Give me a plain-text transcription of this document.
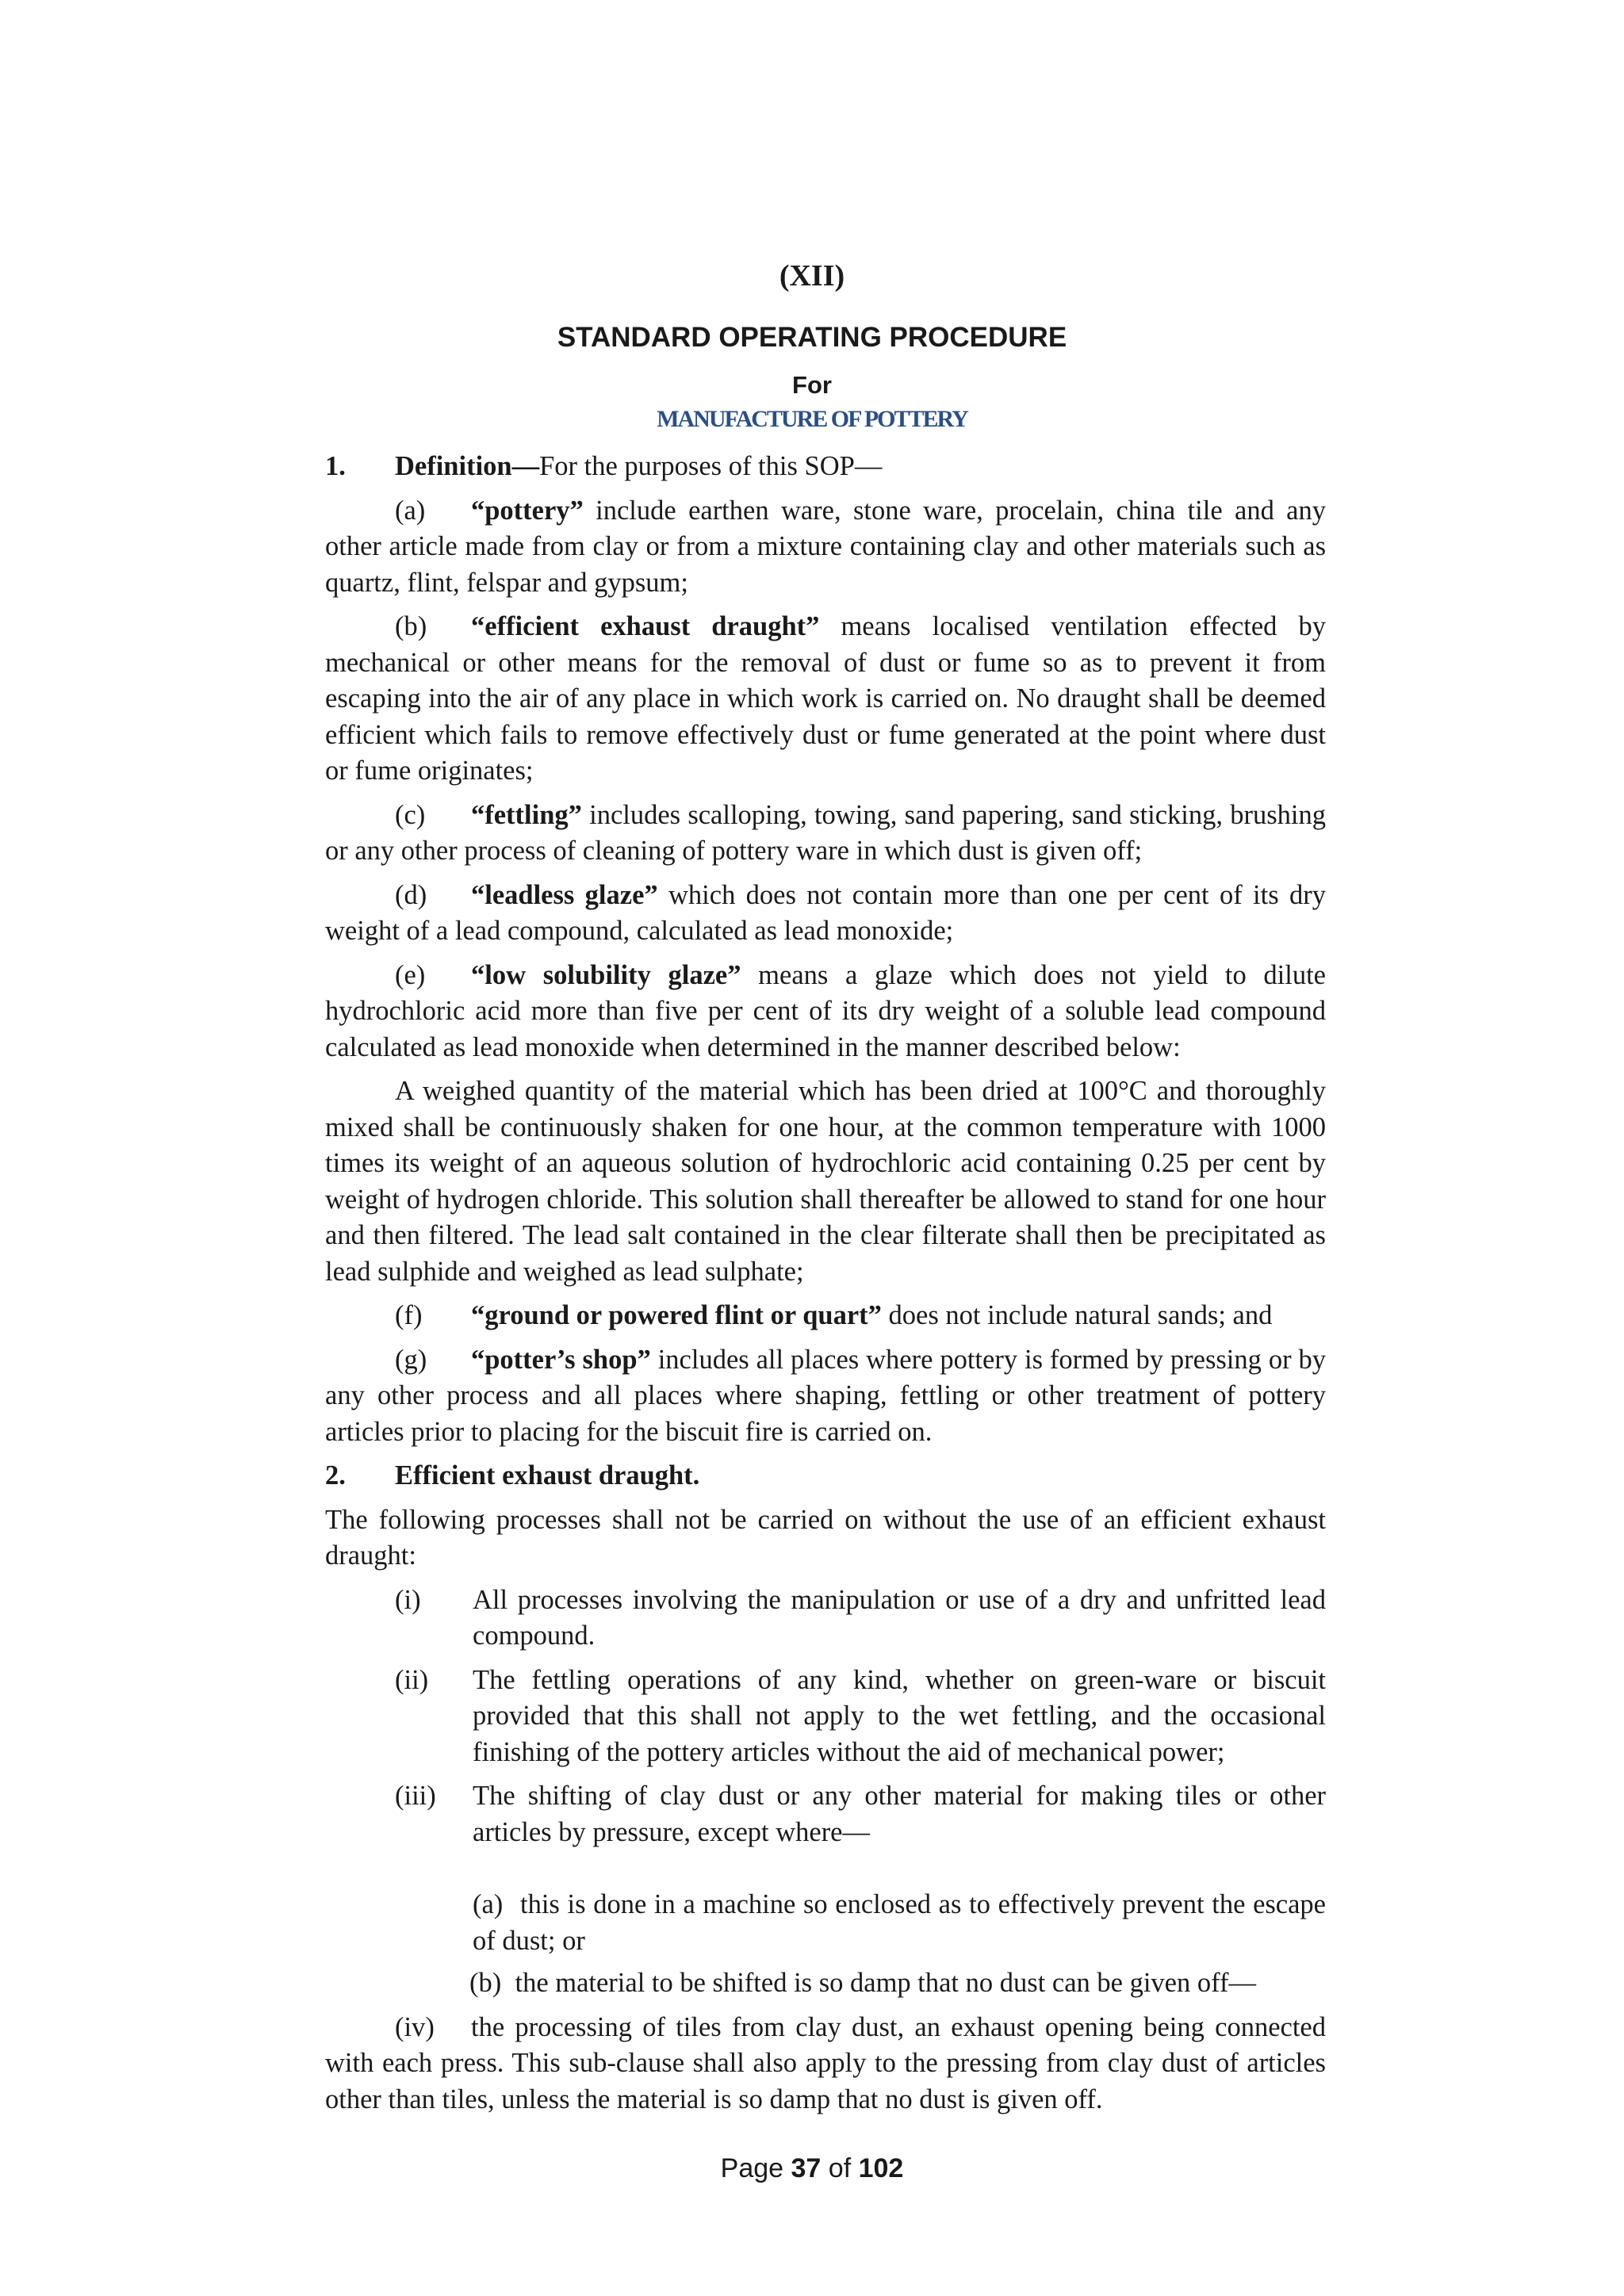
(XII)
STANDARD OPERATING PROCEDURE
For
MANUFACTURE OF POTTERY

1. Definition—For the purposes of this SOP—

(a) “pottery” include earthen ware, stone ware, procelain, china tile and any other article made from clay or from a mixture containing clay and other materials such as quartz, flint, felspar and gypsum;

(b) “efficient exhaust draught” means localised ventilation effected by mechanical or other means for the removal of dust or fume so as to prevent it from escaping into the air of any place in which work is carried on. No draught shall be deemed efficient which fails to remove effectively dust or fume generated at the point where dust or fume originates;

(c) “fettling” includes scalloping, towing, sand papering, sand sticking, brushing or any other process of cleaning of pottery ware in which dust is given off;

(d) “leadless glaze” which does not contain more than one per cent of its dry weight of a lead compound, calculated as lead monoxide;

(e) “low solubility glaze” means a glaze which does not yield to dilute hydrochloric acid more than five per cent of its dry weight of a soluble lead compound calculated as lead monoxide when determined in the manner described below:

A weighed quantity of the material which has been dried at 100°C and thoroughly mixed shall be continuously shaken for one hour, at the common temperature with 1000 times its weight of an aqueous solution of hydrochloric acid containing 0.25 per cent by weight of hydrogen chloride. This solution shall thereafter be allowed to stand for one hour and then filtered. The lead salt contained in the clear filterate shall then be precipitated as lead sulphide and weighed as lead sulphate;

(f) “ground or powered flint or quart” does not include natural sands; and

(g) “potter’s shop” includes all places where pottery is formed by pressing or by any other process and all places where shaping, fettling or other treatment of pottery articles prior to placing for the biscuit fire is carried on.

2. Efficient exhaust draught.

The following processes shall not be carried on without the use of an efficient exhaust draught:

(i) All processes involving the manipulation or use of a dry and unfritted lead compound.
(ii) The fettling operations of any kind, whether on green-ware or biscuit provided that this shall not apply to the wet fettling, and the occasional finishing of the pottery articles without the aid of mechanical power;
(iii) The shifting of clay dust or any other material for making tiles or other articles by pressure, except where—

(a) this is done in a machine so enclosed as to effectively prevent the escape of dust; or

(b) the material to be shifted is so damp that no dust can be given off—

(iv) the processing of tiles from clay dust, an exhaust opening being connected with each press. This sub-clause shall also apply to the pressing from clay dust of articles other than tiles, unless the material is so damp that no dust is given off.

Page 37 of 102
